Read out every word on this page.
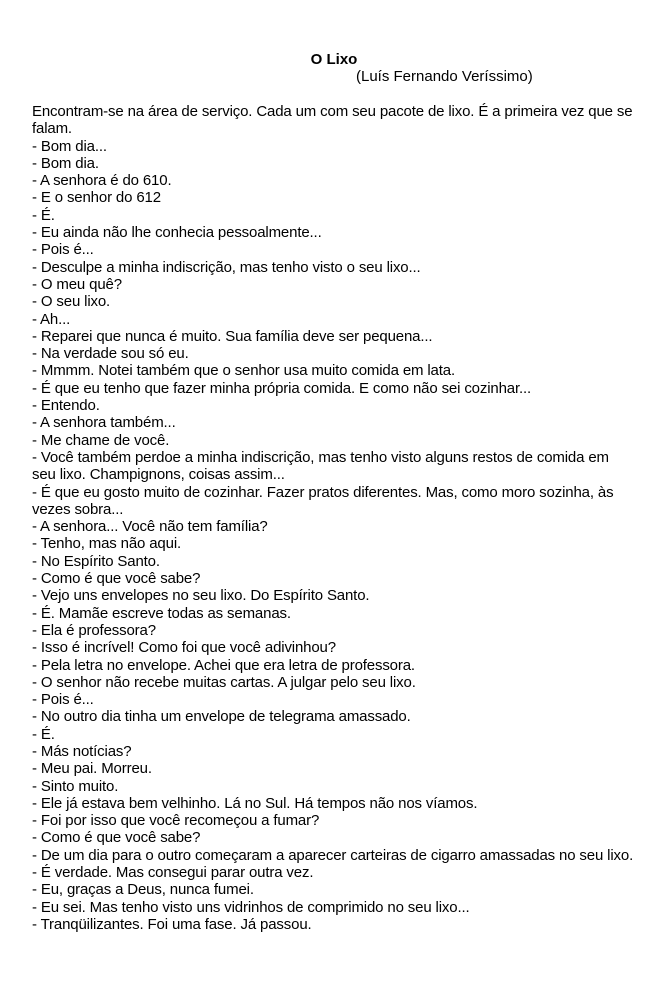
O Lixo

(Luís Fernando Veríssimo)

Encontram-se na área de serviço. Cada um com seu pacote de lixo. É a primeira vez que se falam.
- Bom dia...
- Bom dia.
- A senhora é do 610.
- E o senhor do 612
- É.
- Eu ainda não lhe conhecia pessoalmente...
- Pois é...
- Desculpe a minha indiscrição, mas tenho visto o seu lixo...
- O meu quê?
- O seu lixo.
- Ah...
- Reparei que nunca é muito. Sua família deve ser pequena...
- Na verdade sou só eu.
- Mmmm. Notei também que o senhor usa muito comida em lata.
- É que eu tenho que fazer minha própria comida. E como não sei cozinhar...
- Entendo.
- A senhora também...
- Me chame de você.
- Você também perdoe a minha indiscrição, mas tenho visto alguns restos de comida em seu lixo. Champignons, coisas assim...
- É que eu gosto muito de cozinhar. Fazer pratos diferentes. Mas, como moro sozinha, às vezes sobra...
- A senhora... Você não tem família?
- Tenho, mas não aqui.
- No Espírito Santo.
- Como é que você sabe?
- Vejo uns envelopes no seu lixo. Do Espírito Santo.
- É. Mamãe escreve todas as semanas.
- Ela é professora?
- Isso é incrível! Como foi que você adivinhou?
- Pela letra no envelope. Achei que era letra de professora.
- O senhor não recebe muitas cartas. A julgar pelo seu lixo.
- Pois é...
- No outro dia tinha um envelope de telegrama amassado.
- É.
- Más notícias?
- Meu pai. Morreu.
- Sinto muito.
- Ele já estava bem velhinho. Lá no Sul. Há tempos não nos víamos.
- Foi por isso que você recomeçou a fumar?
- Como é que você sabe?
- De um dia para o outro começaram a aparecer carteiras de cigarro amassadas no seu lixo.
- É verdade. Mas consegui parar outra vez.
- Eu, graças a Deus, nunca fumei.
- Eu sei. Mas tenho visto uns vidrinhos de comprimido no seu lixo...
- Tranqüilizantes. Foi uma fase. Já passou.
